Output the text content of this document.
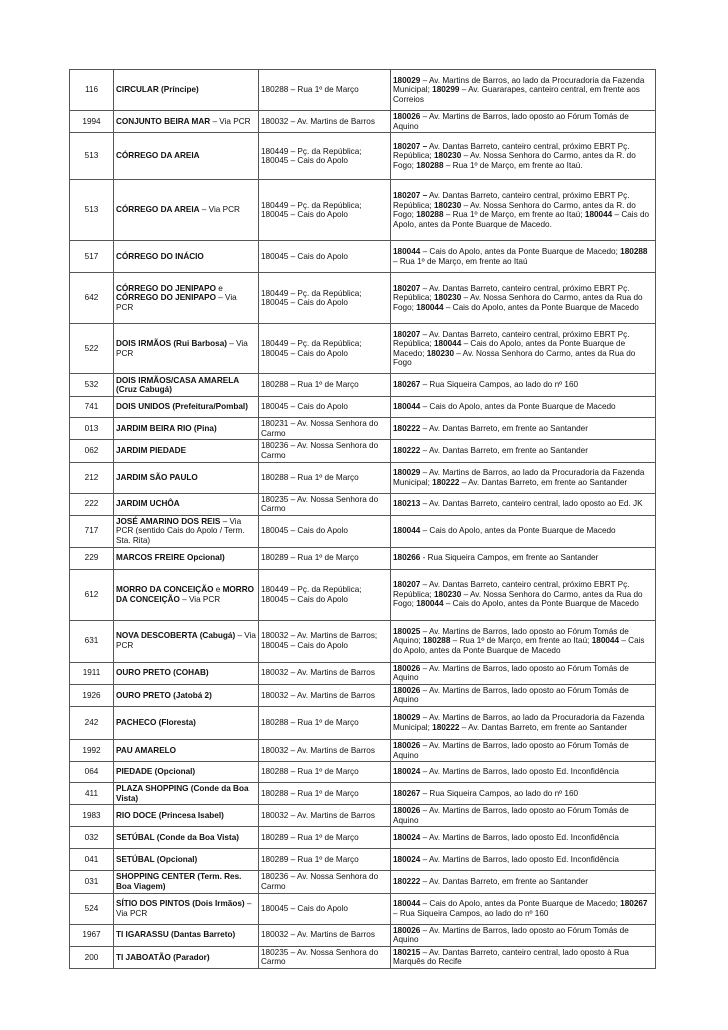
116	CIRCULAR (Príncipe)	180288 – Rua 1º de Março	180029 – Av. Martins de Barros, ao lado da Procuradoria da Fazenda Municipal; 180299 – Av. Guararapes, canteiro central, em frente aos Correios
1994	CONJUNTO BEIRA MAR – Via PCR	180032 – Av. Martins de Barros	180026 – Av. Martins de Barros, lado oposto ao Fórum Tomás de Aquino
513	CÓRREGO DA AREIA	180449 – Pç. da República; 180045 – Cais do Apolo	180207 – Av. Dantas Barreto, canteiro central, próximo EBRT Pç. República; 180230 – Av. Nossa Senhora do Carmo, antes da R. do Fogo; 180288 – Rua 1º de Março, em frente ao Itaú.
513	CÓRREGO DA AREIA – Via PCR	180449 – Pç. da República; 180045 – Cais do Apolo	180207 – Av. Dantas Barreto, canteiro central, próximo EBRT Pç. República; 180230 – Av. Nossa Senhora do Carmo, antes da R. do Fogo; 180288 – Rua 1º de Março, em frente ao Itaú; 180044 – Cais do Apolo, antes da Ponte Buarque de Macedo.
517	CÓRREGO DO INÁCIO	180045 – Cais do Apolo	180044 – Cais do Apolo, antes da Ponte Buarque de Macedo; 180288 – Rua 1º de Março, em frente ao Itaú
642	CÓRREGO DO JENIPAPO e CÓRREGO DO JENIPAPO – Via PCR	180449 – Pç. da República; 180045 – Cais do Apolo	180207 – Av. Dantas Barreto, canteiro central, próximo EBRT Pç. República; 180230 – Av. Nossa Senhora do Carmo, antes da Rua do Fogo; 180044 – Cais do Apolo, antes da Ponte Buarque de Macedo
522	DOIS IRMÃOS (Rui Barbosa) – Via PCR	180449 – Pç. da República; 180045 – Cais do Apolo	180207 – Av. Dantas Barreto, canteiro central, próximo EBRT Pç. República; 180044 – Cais do Apolo, antes da Ponte Buarque de Macedo; 180230 – Av. Nossa Senhora do Carmo, antes da Rua do Fogo
532	DOIS IRMÃOS/CASA AMARELA (Cruz Cabugá)	180288 – Rua 1º de Março	180267 – Rua Siqueira Campos, ao lado do nº 160
741	DOIS UNIDOS (Prefeitura/Pombal)	180045 – Cais do Apolo	180044 – Cais do Apolo, antes da Ponte Buarque de Macedo
013	JARDIM BEIRA RIO (Pina)	180231 – Av. Nossa Senhora do Carmo	180222 – Av. Dantas Barreto, em frente ao Santander
062	JARDIM PIEDADE	180236 – Av. Nossa Senhora do Carmo	180222 – Av. Dantas Barreto, em frente ao Santander
212	JARDIM SÃO PAULO	180288 – Rua 1º de Março	180029 – Av. Martins de Barros, ao lado da Procuradoria da Fazenda Municipal; 180222 – Av. Dantas Barreto, em frente ao Santander
222	JARDIM UCHÔA	180235 – Av. Nossa Senhora do Carmo	180213 – Av. Dantas Barreto, canteiro central, lado oposto ao Ed. JK
717	JOSÉ AMARINO DOS REIS – Via PCR (sentido Cais do Apolo / Term. Sta. Rita)	180045 – Cais do Apolo	180044 – Cais do Apolo, antes da Ponte Buarque de Macedo
229	MARCOS FREIRE Opcional)	180289 – Rua 1º de Março	180266 - Rua Siqueira Campos, em frente ao Santander
612	MORRO DA CONCEIÇÃO e MORRO DA CONCEIÇÃO – Via PCR	180449 – Pç. da República; 180045 – Cais do Apolo	180207 – Av. Dantas Barreto, canteiro central, próximo EBRT Pç. República; 180230 – Av. Nossa Senhora do Carmo, antes da Rua do Fogo; 180044 – Cais do Apolo, antes da Ponte Buarque de Macedo
631	NOVA DESCOBERTA (Cabugá) – Via PCR	180032 – Av. Martins de Barros; 180045 – Cais do Apolo	180025 – Av. Martins de Barros, lado oposto ao Fórum Tomás de Aquino; 180288 – Rua 1º de Março, em frente ao Itaú; 180044 – Cais do Apolo, antes da Ponte Buarque de Macedo
1911	OURO PRETO (COHAB)	180032 – Av. Martins de Barros	180026 – Av. Martins de Barros, lado oposto ao Fórum Tomás de Aquino
1926	OURO PRETO (Jatobá 2)	180032 – Av. Martins de Barros	180026 – Av. Martins de Barros, lado oposto ao Fórum Tomás de Aquino
242	PACHECO (Floresta)	180288 – Rua 1º de Março	180029 – Av. Martins de Barros, ao lado da Procuradoria da Fazenda Municipal; 180222 – Av. Dantas Barreto, em frente ao Santander
1992	PAU AMARELO	180032 – Av. Martins de Barros	180026 – Av. Martins de Barros, lado oposto ao Fórum Tomás de Aquino
064	PIEDADE (Opcional)	180288 – Rua 1º de Março	180024 – Av. Martins de Barros, lado oposto Ed. Inconfidência
411	PLAZA SHOPPING (Conde da Boa Vista)	180288 – Rua 1º de Março	180267 – Rua Siqueira Campos, ao lado do nº 160
1983	RIO DOCE (Princesa Isabel)	180032 – Av. Martins de Barros	180026 – Av. Martins de Barros, lado oposto ao Fórum Tomás de Aquino
032	SETÚBAL (Conde da Boa Vista)	180289 – Rua 1º de Março	180024 – Av. Martins de Barros, lado oposto Ed. Inconfidência
041	SETÚBAL (Opcional)	180289 – Rua 1º de Março	180024 – Av. Martins de Barros, lado oposto Ed. Inconfidência
031	SHOPPING CENTER (Term. Res. Boa Viagem)	180236 – Av. Nossa Senhora do Carmo	180222 – Av. Dantas Barreto, em frente ao Santander
524	SÍTIO DOS PINTOS (Dois Irmãos) – Via PCR	180045 – Cais do Apolo	180044 – Cais do Apolo, antes da Ponte Buarque de Macedo; 180267 – Rua Siqueira Campos, ao lado do nº 160
1967	TI IGARASSU (Dantas Barreto)	180032 – Av. Martins de Barros	180026 – Av. Martins de Barros, lado oposto ao Fórum Tomás de Aquino
200	TI JABOATÃO (Parador)	180235 – Av. Nossa Senhora do Carmo	180215 – Av. Dantas Barreto, canteiro central, lado oposto à Rua Marquês do Recife
